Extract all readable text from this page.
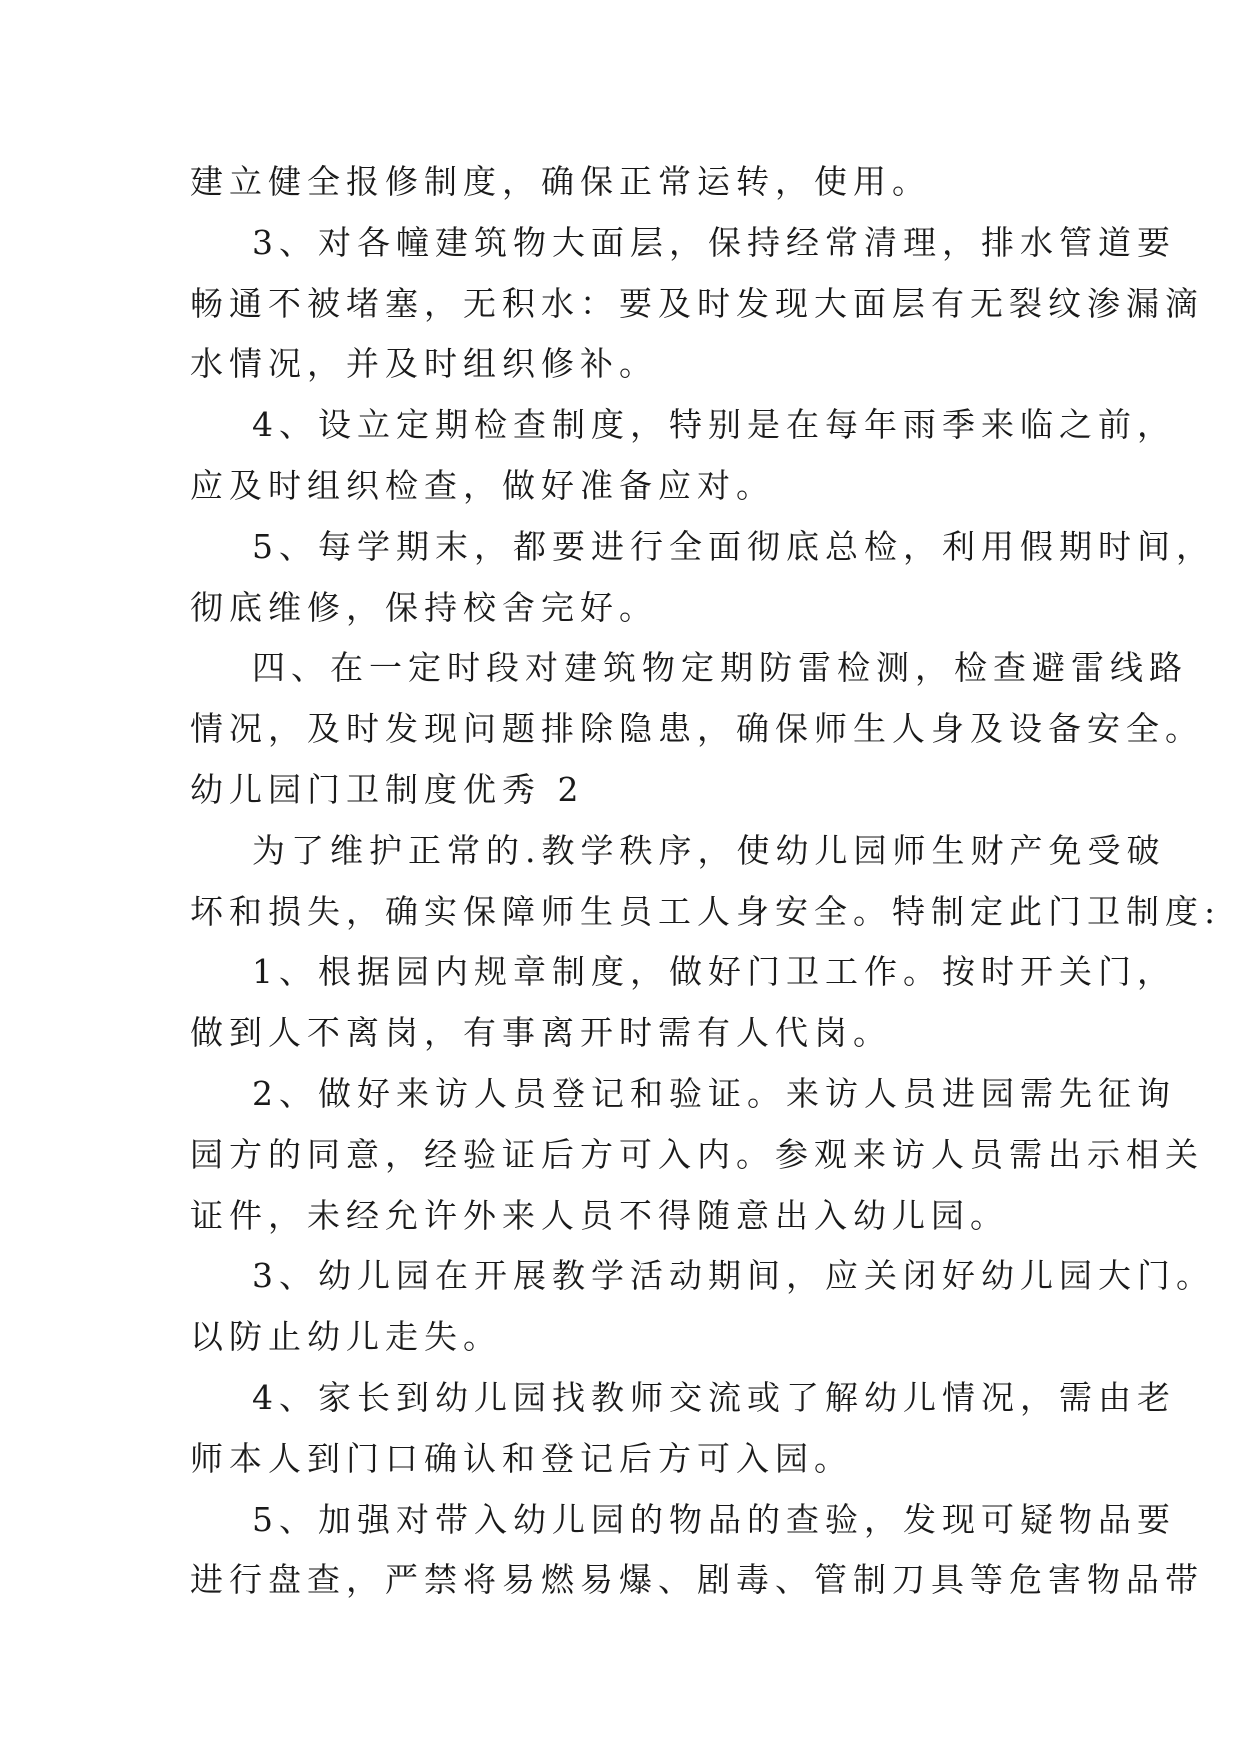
建立健全报修制度，确保正常运转，使用。
3、对各幢建筑物大面层，保持经常清理，排水管道要
畅通不被堵塞，无积水：要及时发现大面层有无裂纹渗漏滴
水情况，并及时组织修补。
4、设立定期检查制度，特别是在每年雨季来临之前，
应及时组织检查，做好准备应对。
5、每学期末，都要进行全面彻底总检，利用假期时间，
彻底维修，保持校舍完好。
四、在一定时段对建筑物定期防雷检测，检查避雷线路
情况，及时发现问题排除隐患，确保师生人身及设备安全。
幼儿园门卫制度优秀 2
为了维护正常的.教学秩序，使幼儿园师生财产免受破
坏和损失，确实保障师生员工人身安全。特制定此门卫制度:
1、根据园内规章制度，做好门卫工作。按时开关门，
做到人不离岗，有事离开时需有人代岗。
2、做好来访人员登记和验证。来访人员进园需先征询
园方的同意，经验证后方可入内。参观来访人员需出示相关
证件，未经允许外来人员不得随意出入幼儿园。
3、幼儿园在开展教学活动期间，应关闭好幼儿园大门。
以防止幼儿走失。
4、家长到幼儿园找教师交流或了解幼儿情况，需由老
师本人到门口确认和登记后方可入园。
5、加强对带入幼儿园的物品的查验，发现可疑物品要
进行盘查，严禁将易燃易爆、剧毒、管制刀具等危害物品带
